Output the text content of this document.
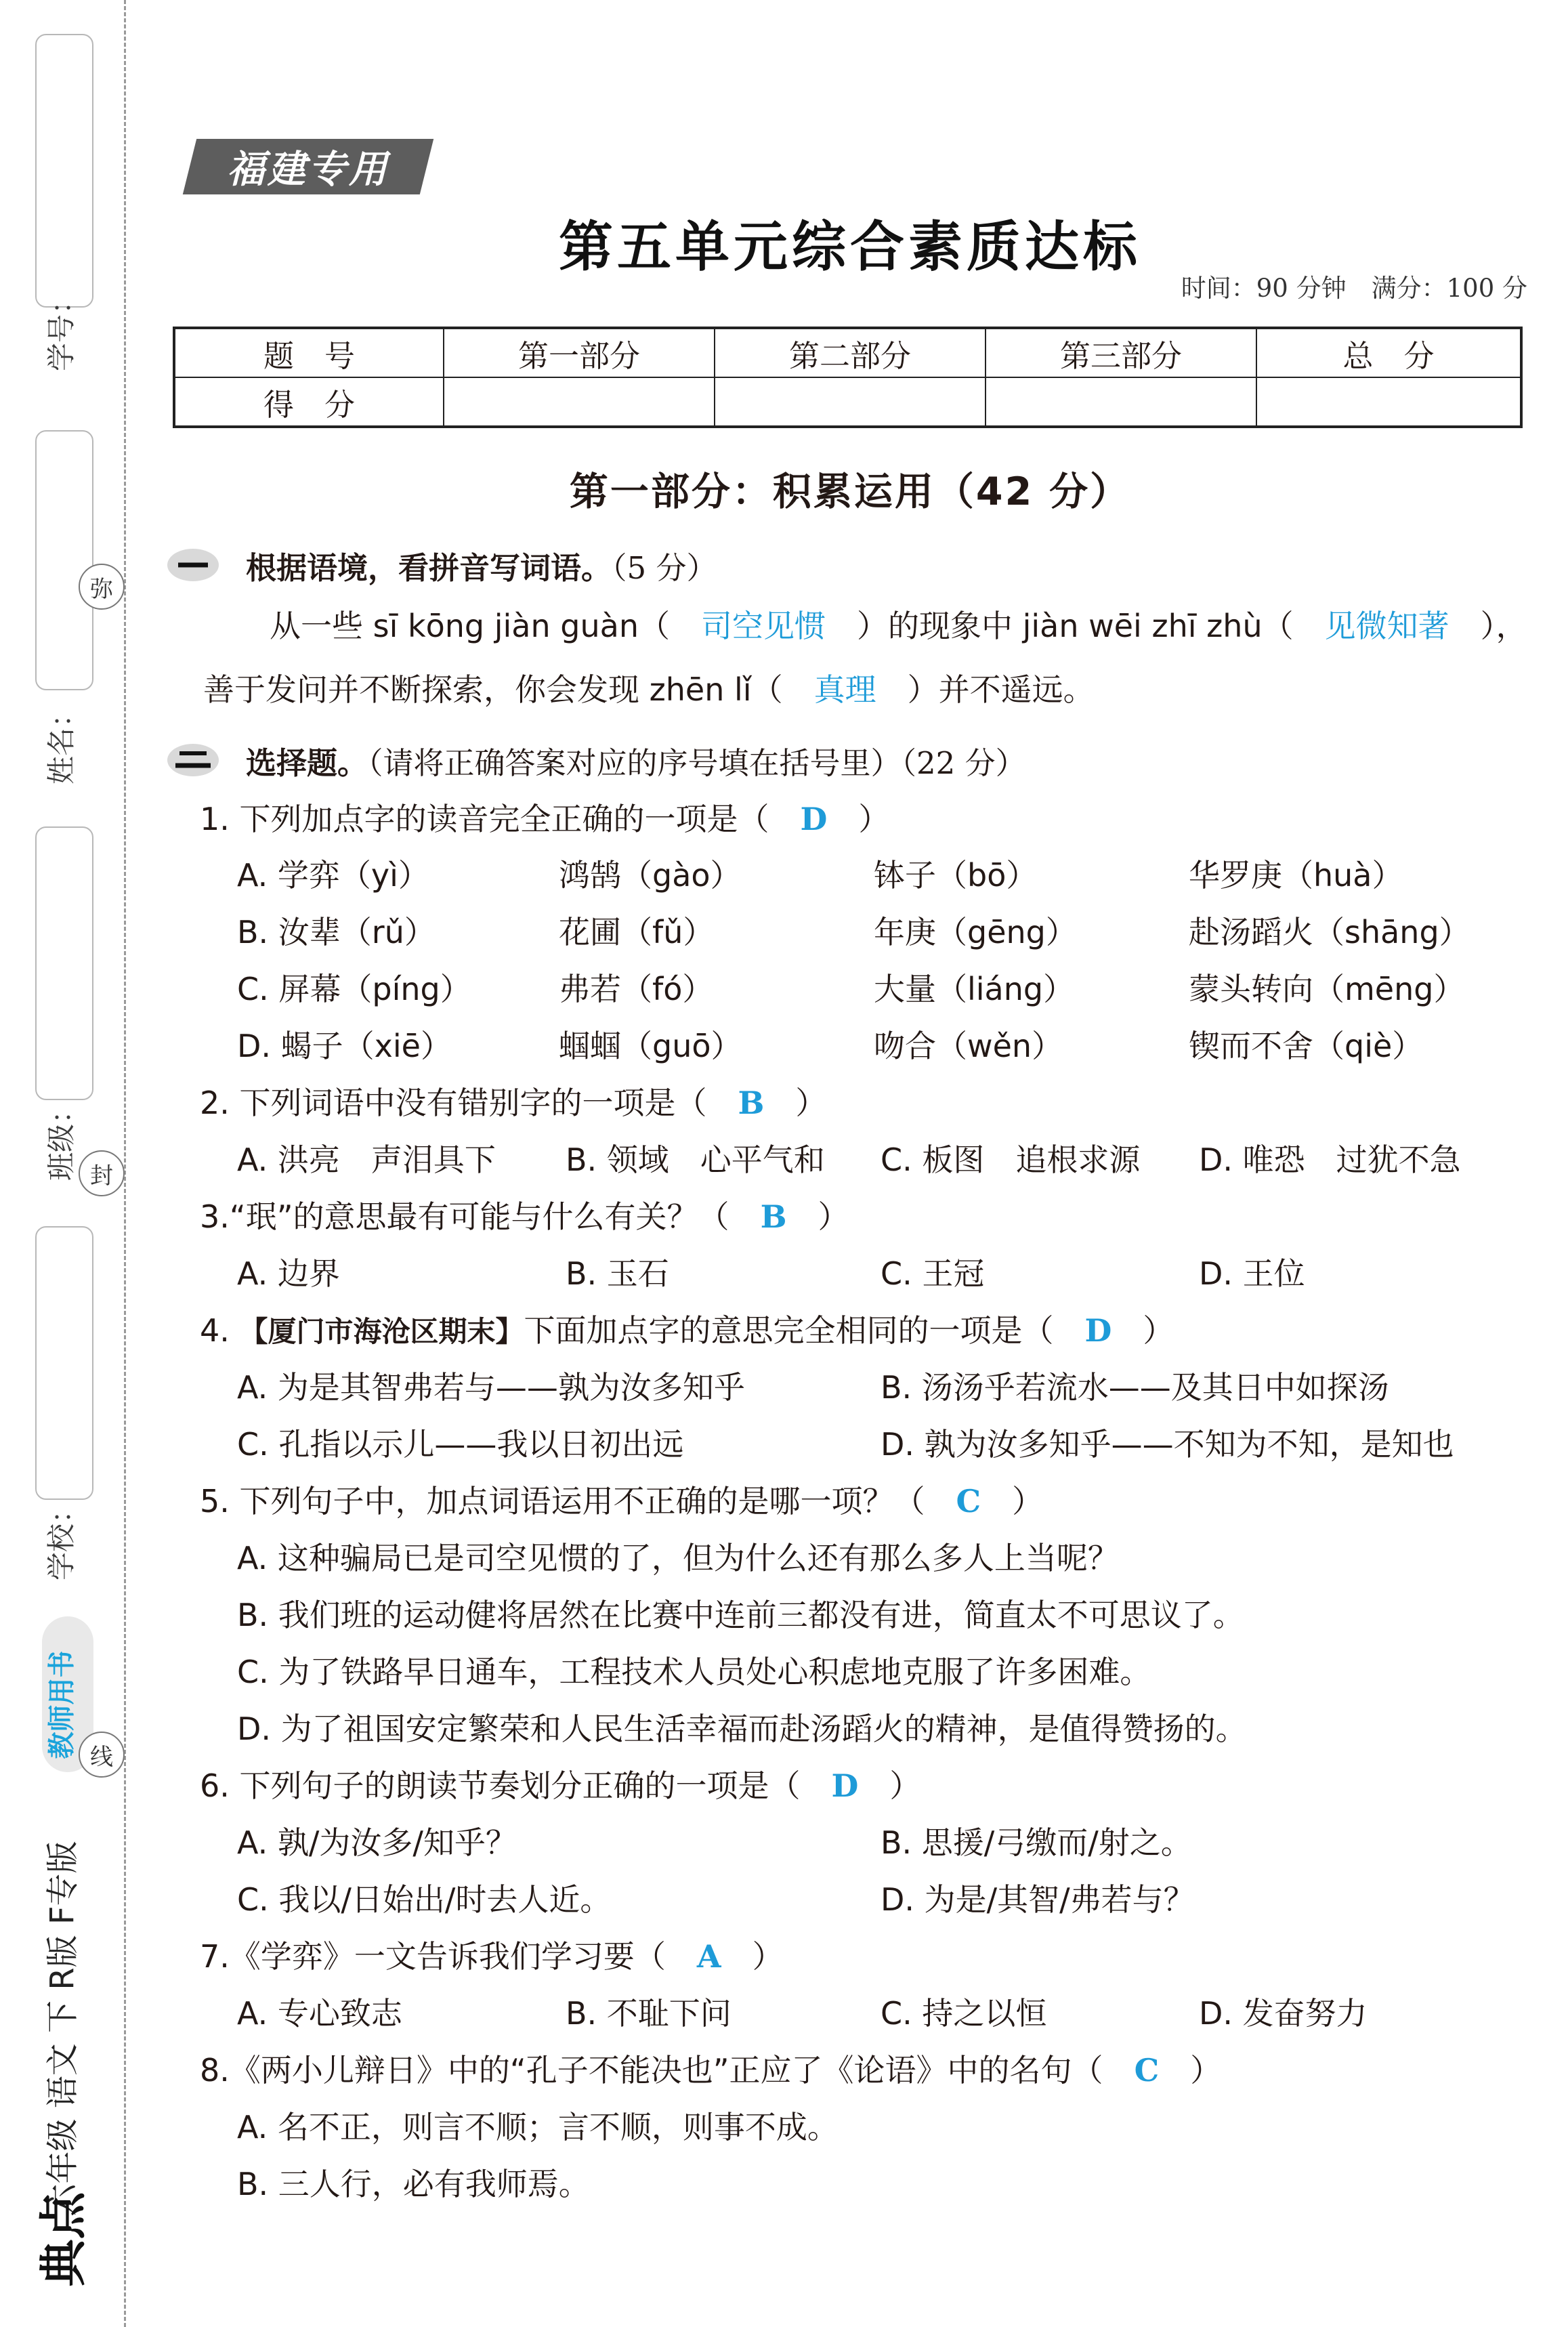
学号：
姓名：
班级：
学校：
教师用书
六年级 语文 下 R版 F专版
典点
弥
封
线
福建专用
第五单元综合素质达标
时间：90 分钟　满分：100 分
题　号	第一部分	第二部分	第三部分	总　分
得　分				
第一部分：积累运用（42 分）
根据语境，看拼音写词语。（5 分）
从一些 sī kōng jiàn guàn（　司空见惯　）的现象中 jiàn wēi zhī zhù（　见微知著　），
善于发问并不断探索，你会发现 zhēn lǐ（　真理　）并不遥远。
选择题。（请将正确答案对应的序号填在括号里）（22 分）
1. 下列加点字的读音完全正确的一项是（　 D　 ）
A. 学弈（yì）	鸿鹄（gào）	钵子（bō）	华罗庚（huà）
B. 汝辈（rǔ）	花圃（fǔ）	年庚（gēng）	赴汤蹈火（shāng）
C. 屏幕（píng）	弗若（fó）	大量（liáng）	蒙头转向（mēng）
D. 蝎子（xiē）	蝈蝈（guō）	吻合（wěn）	锲而不舍（qiè）
2. 下列词语中没有错别字的一项是（　 B　 ）
A. 洪亮　声泪具下 B. 领域　心平气和 C. 板图　追根求源 D. 唯恐　过犹不急
3.“珉”的意思最有可能与什么有关？（　 B　 ）
A. 边界	B. 玉石	C. 王冠	D. 王位
4. 【厦门市海沧区期末】下面加点字的意思完全相同的一项是（　 D　 ）
A. 为是其智弗若与——孰为汝多知乎	B. 汤汤乎若流水——及其日中如探汤
C. 孔指以示儿——我以日初出远	D. 孰为汝多知乎——不知为不知，是知也
5. 下列句子中，加点词语运用不正确的是哪一项？（　 C　 ）
A. 这种骗局已是司空见惯的了，但为什么还有那么多人上当呢？
B. 我们班的运动健将居然在比赛中连前三都没有进，简直太不可思议了。
C. 为了铁路早日通车，工程技术人员处心积虑地克服了许多困难。
D. 为了祖国安定繁荣和人民生活幸福而赴汤蹈火的精神，是值得赞扬的。
6. 下列句子的朗读节奏划分正确的一项是（　 D　 ）
A. 孰/为汝多/知乎？	B. 思援/弓缴而/射之。
C. 我以/日始出/时去人近。	D. 为是/其智/弗若与？
7.《学弈》一文告诉我们学习要（　 A　 ）
A. 专心致志	B. 不耻下问	C. 持之以恒	D. 发奋努力
8.《两小儿辩日》中的“孔子不能决也”正应了《论语》中的名句（　 C　 ）
A. 名不正，则言不顺；言不顺，则事不成。
B. 三人行，必有我师焉。
